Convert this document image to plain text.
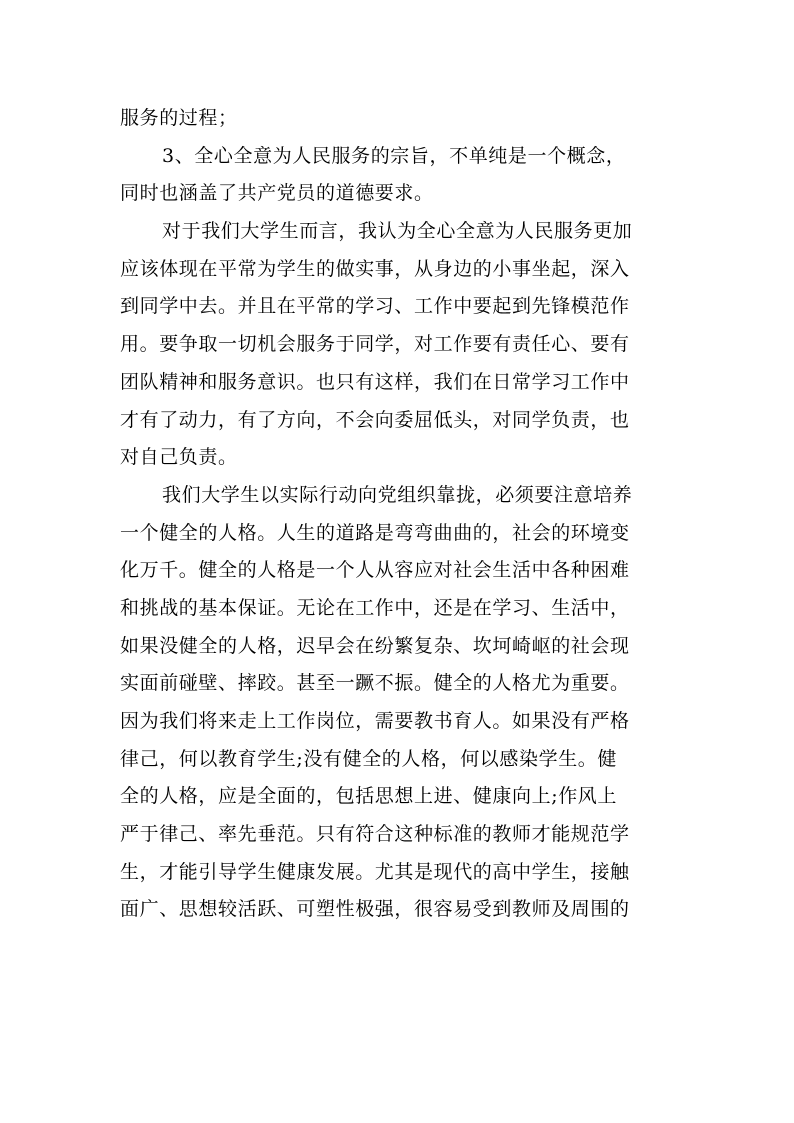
服务的过程；
3、全心全意为人民服务的宗旨，不单纯是一个概念，
同时也涵盖了共产党员的道德要求。
对于我们大学生而言，我认为全心全意为人民服务更加
应该体现在平常为学生的做实事，从身边的小事坐起，深入
到同学中去。并且在平常的学习、工作中要起到先锋模范作
用。要争取一切机会服务于同学，对工作要有责任心、要有
团队精神和服务意识。也只有这样，我们在日常学习工作中
才有了动力，有了方向，不会向委屈低头，对同学负责，也
对自己负责。
我们大学生以实际行动向党组织靠拢，必须要注意培养
一个健全的人格。人生的道路是弯弯曲曲的，社会的环境变
化万千。健全的人格是一个人从容应对社会生活中各种困难
和挑战的基本保证。无论在工作中，还是在学习、生活中，
如果没健全的人格，迟早会在纷繁复杂、坎坷崎岖的社会现
实面前碰壁、摔跤。甚至一蹶不振。健全的人格尤为重要。
因为我们将来走上工作岗位，需要教书育人。如果没有严格
律己，何以教育学生;没有健全的人格，何以感染学生。健
全的人格，应是全面的，包括思想上进、健康向上;作风上
严于律己、率先垂范。只有符合这种标准的教师才能规范学
生，才能引导学生健康发展。尤其是现代的高中学生，接触
面广、思想较活跃、可塑性极强，很容易受到教师及周围的
